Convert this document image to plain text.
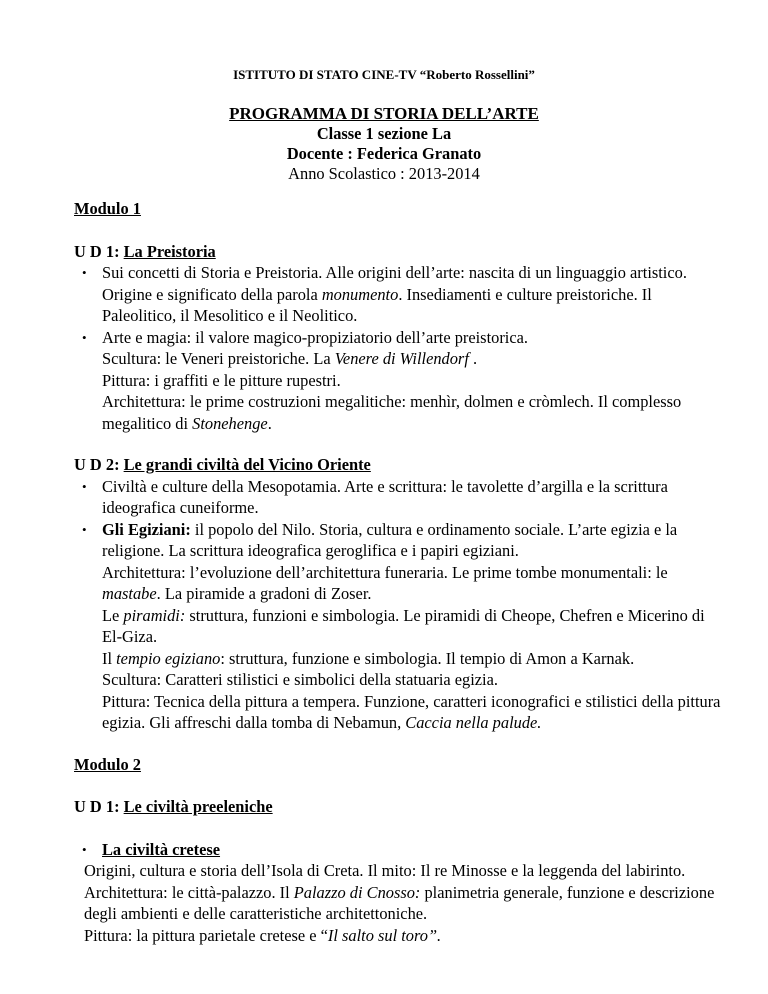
ISTITUTO DI STATO CINE-TV “Roberto Rossellini”
PROGRAMMA DI STORIA DELL’ARTE
Classe 1 sezione La
Docente : Federica Granato
Anno Scolastico : 2013-2014

Modulo 1

U D 1: La Preistoria

• Sui concetti di Storia e Preistoria. Alle origini dell’arte: nascita di un linguaggio artistico. Origine e significato della parola monumento. Insediamenti e culture preistoriche. Il Paleolitico, il Mesolitico e il Neolitico.
• Arte e magia: il valore magico-propiziatorio dell’arte preistorica.
Scultura: le Veneri preistoriche. La Venere di Willendorf .
Pittura: i graffiti e le pitture rupestri.
Architettura: le prime costruzioni megalitiche: menhìr, dolmen e cròmlech. Il complesso megalitico di Stonehenge.

U D 2: Le grandi civiltà del Vicino Oriente

• Civiltà e culture della Mesopotamia. Arte e scrittura: le tavolette d’argilla e la scrittura ideografica cuneiforme.
• Gli Egiziani: il popolo del Nilo. Storia, cultura e ordinamento sociale. L’arte egizia e la religione. La scrittura ideografica geroglifica e i papiri egiziani.
Architettura: l’evoluzione dell’architettura funeraria. Le prime tombe monumentali: le mastabe. La piramide a gradoni di Zoser.
Le piramidi: struttura, funzioni e simbologia. Le piramidi di Cheope, Chefren e Micerino di El-Giza.
Il tempio egiziano: struttura, funzione e simbologia. Il tempio di Amon a Karnak.
Scultura: Caratteri stilistici e simbolici della statuaria egizia.
Pittura: Tecnica della pittura a tempera. Funzione, caratteri iconografici e stilistici della pittura egizia. Gli affreschi dalla tomba di Nebamun, Caccia nella palude.

Modulo 2

U D 1: Le civiltà preeleniche

• La civiltà cretese

Origini, cultura e storia dell’Isola di Creta. Il mito: Il re Minosse e la leggenda del labirinto.
Architettura: le città-palazzo. Il Palazzo di Cnosso: planimetria generale, funzione e descrizione degli ambienti e delle caratteristiche architettoniche.
Pittura: la pittura parietale cretese e “Il salto sul toro”.
